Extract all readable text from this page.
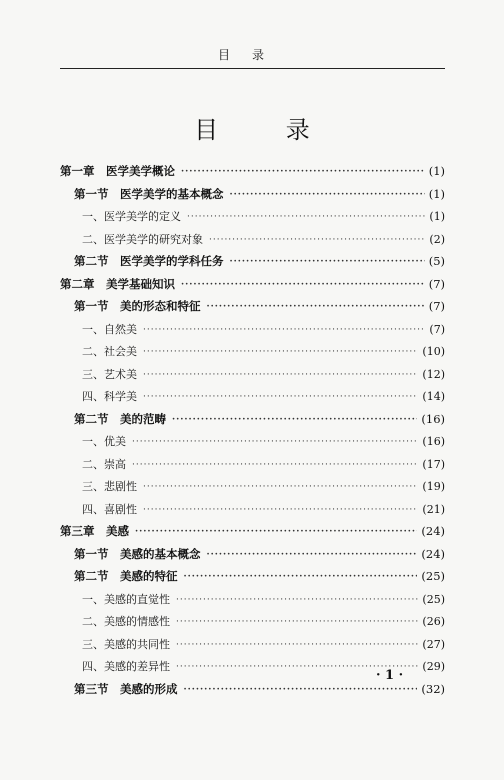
目录
目 录
第一章　医学美学概论 ·····	(1)
第一节　医学美学的基本概念 ·····	(1)
一、医学美学的定义 ·····	(1)
二、医学美学的研究对象 ·····	(2)
第二节　医学美学的学科任务 ·····	(5)
第二章　美学基础知识 ·····	(7)
第一节　美的形态和特征 ·····	(7)
一、自然美 ·····	(7)
二、社会美 ·····	(10)
三、艺术美 ·····	(12)
四、科学美 ·····	(14)
第二节　美的范畴 ·····	(16)
一、优美 ·····	(16)
二、崇高 ·····	(17)
三、悲剧性 ·····	(19)
四、喜剧性 ·····	(21)
第三章　美感 ·····	(24)
第一节　美感的基本概念 ·····	(24)
第二节　美感的特征 ·····	(25)
一、美感的直觉性 ·····	(25)
二、美感的情感性 ·····	(26)
三、美感的共同性 ·····	(27)
四、美感的差异性 ·····	(29)
第三节　美感的形成 ·····	(32)
· 1 ·
